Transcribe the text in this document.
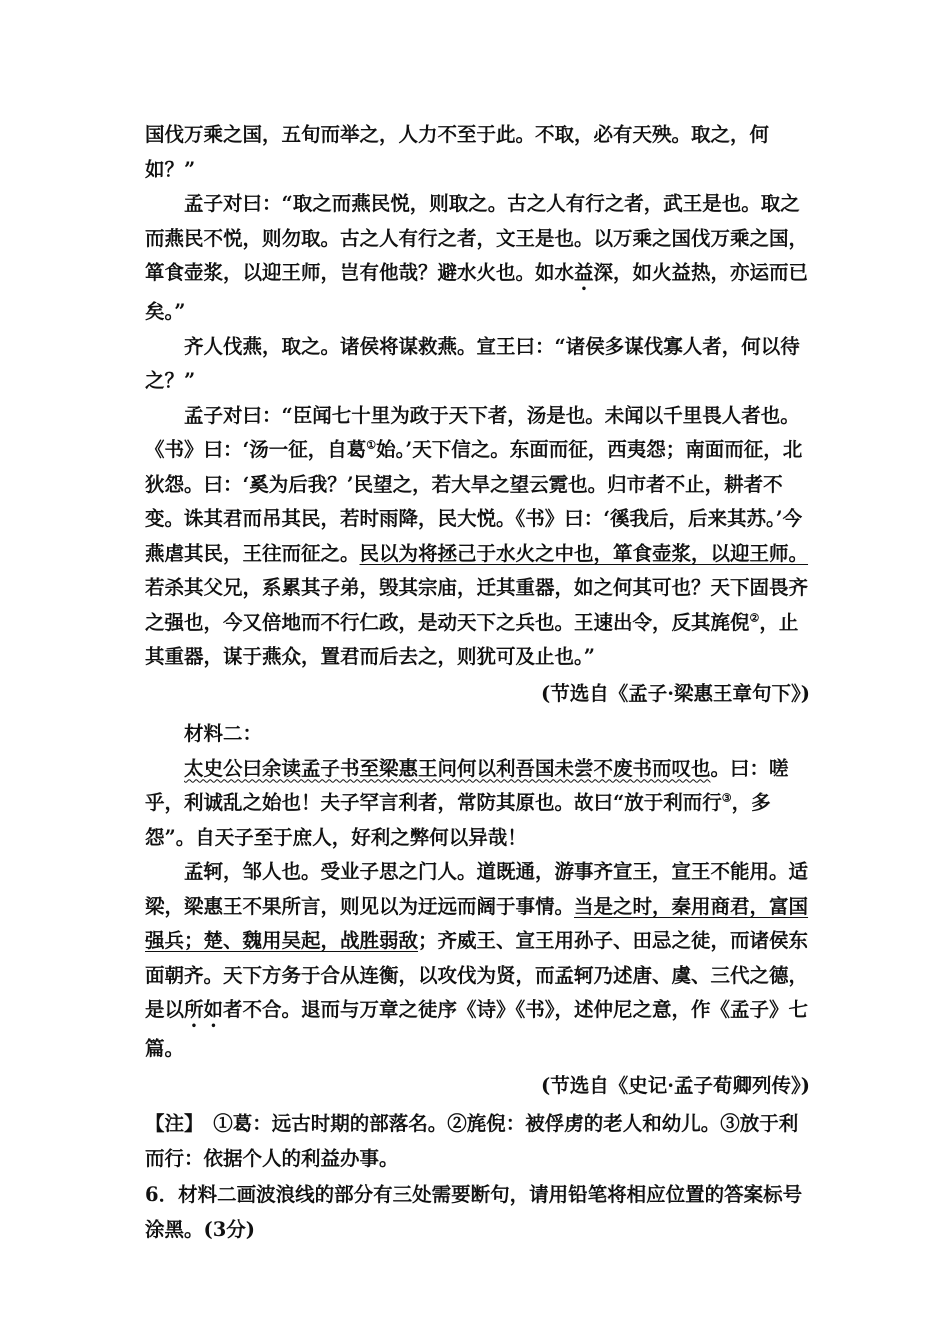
国伐万乘之国，五旬而举之，人力不至于此。不取，必有天殃。取之，何如？”

孟子对曰：“取之而燕民悦，则取之。古之人有行之者，武王是也。取之而燕民不悦，则勿取。古之人有行之者，文王是也。以万乘之国伐万乘之国，箪食壶浆，以迎王师，岂有他哉？避水火也。如水益深，如火益热，亦运而已矣。”

齐人伐燕，取之。诸侯将谋救燕。宣王曰：“诸侯多谋伐寡人者，何以待之？”

孟子对曰：“臣闻七十里为政于天下者，汤是也。未闻以千里畏人者也。《书》曰：‘汤一征，自葛①始。’天下信之。东面而征，西夷怨；南面而征，北狄怨。曰：‘奚为后我？’民望之，若大旱之望云霓也。归市者不止，耕者不变。诛其君而吊其民，若时雨降，民大悦。《书》曰：‘徯我后，后来其苏。’今燕虐其民，王往而征之。民以为将拯己于水火之中也，箪食壶浆，以迎王师。若杀其父兄，系累其子弟，毁其宗庙，迁其重器，如之何其可也？天下固畏齐之强也，今又倍地而不行仁政，是动天下之兵也。王速出令，反其旄倪②，止其重器，谋于燕众，置君而后去之，则犹可及止也。”

(节选自《孟子·梁惠王章句下》)

材料二：

太史公曰余读孟子书至梁惠王问何以利吾国未尝不废书而叹也。曰：嗟乎，利诚乱之始也！夫子罕言利者，常防其原也。故曰“放于利而行③，多怨”。自天子至于庶人，好利之弊何以异哉！

孟轲，邹人也。受业子思之门人。道既通，游事齐宣王，宣王不能用。适梁，梁惠王不果所言，则见以为迂远而阔于事情。当是之时，秦用商君，富国强兵；楚、魏用吴起，战胜弱敌；齐威王、宣王用孙子、田忌之徒，而诸侯东面朝齐。天下方务于合从连衡，以攻伐为贤，而孟轲乃述唐、虞、三代之德，是以所如者不合。退而与万章之徒序《诗》《书》，述仲尼之意，作《孟子》七篇。

(节选自《史记·孟子荀卿列传》)

【注】　 ①葛：远古时期的部落名。②旄倪：被俘虏的老人和幼儿。③放于利而行：依据个人的利益办事。

6．材料二画波浪线的部分有三处需要断句，请用铅笔将相应位置的答案标号涂黑。(3分)
